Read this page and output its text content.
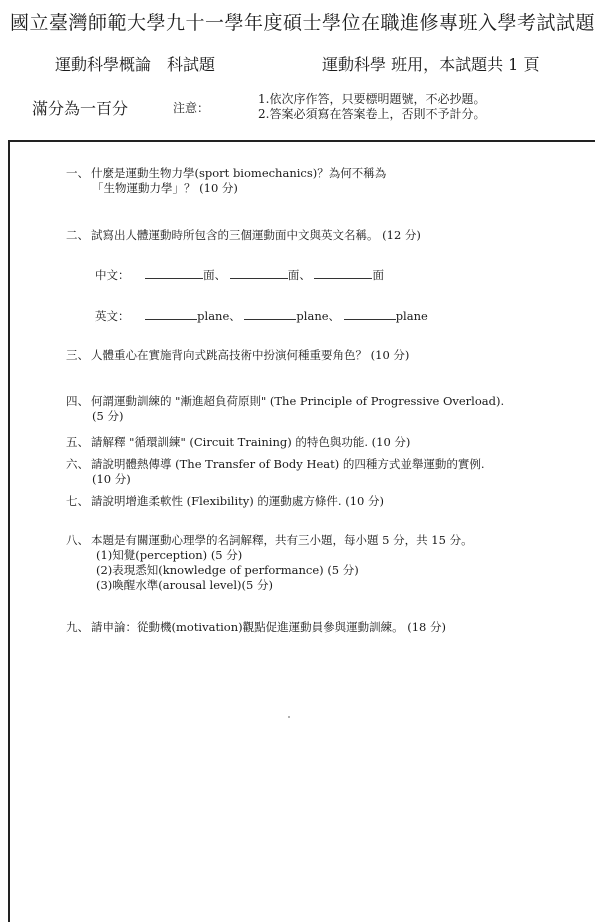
國立臺灣師範大學九十一學年度碩士學位在職進修專班入學考試試題
運動科學概論　科試題	運動科學 班用，本試題共 1 頁
滿分為一百分	注意：
1.依次序作答，只要標明題號，不必抄題。
2.答案必須寫在答案卷上，否則不予計分。
一、 什麼是運動生物力學(sport biomechanics)？為何不稱為
「生物運動力學」？ (10 分)
二、 試寫出人體運動時所包含的三個運動面中文與英文名稱。 (12 分)
中文：	面、	面、	面
英文：	plane、	plane、	plane
三、 人體重心在實施背向式跳高技術中扮演何種重要角色？ (10 分)
四、 何謂運動訓練的 "漸進超負荷原則" (The Principle of Progressive Overload).
(5 分)
五、 請解釋 "循環訓練" (Circuit Training) 的特色與功能. (10 分)
六、 請說明體熱傳導 (The Transfer of Body Heat) 的四種方式並舉運動的實例.
(10 分)
七、 請說明增進柔軟性 (Flexibility) 的運動處方條件. (10 分)
八、 本題是有關運動心理學的名詞解釋，共有三小題，每小題 5 分，共 15 分。
(1)知覺(perception) (5 分)
(2)表現悉知(knowledge of performance) (5 分)
(3)喚醒水準(arousal level)(5 分)
九、 請申論：從動機(motivation)觀點促進運動員參與運動訓練。 (18 分)
